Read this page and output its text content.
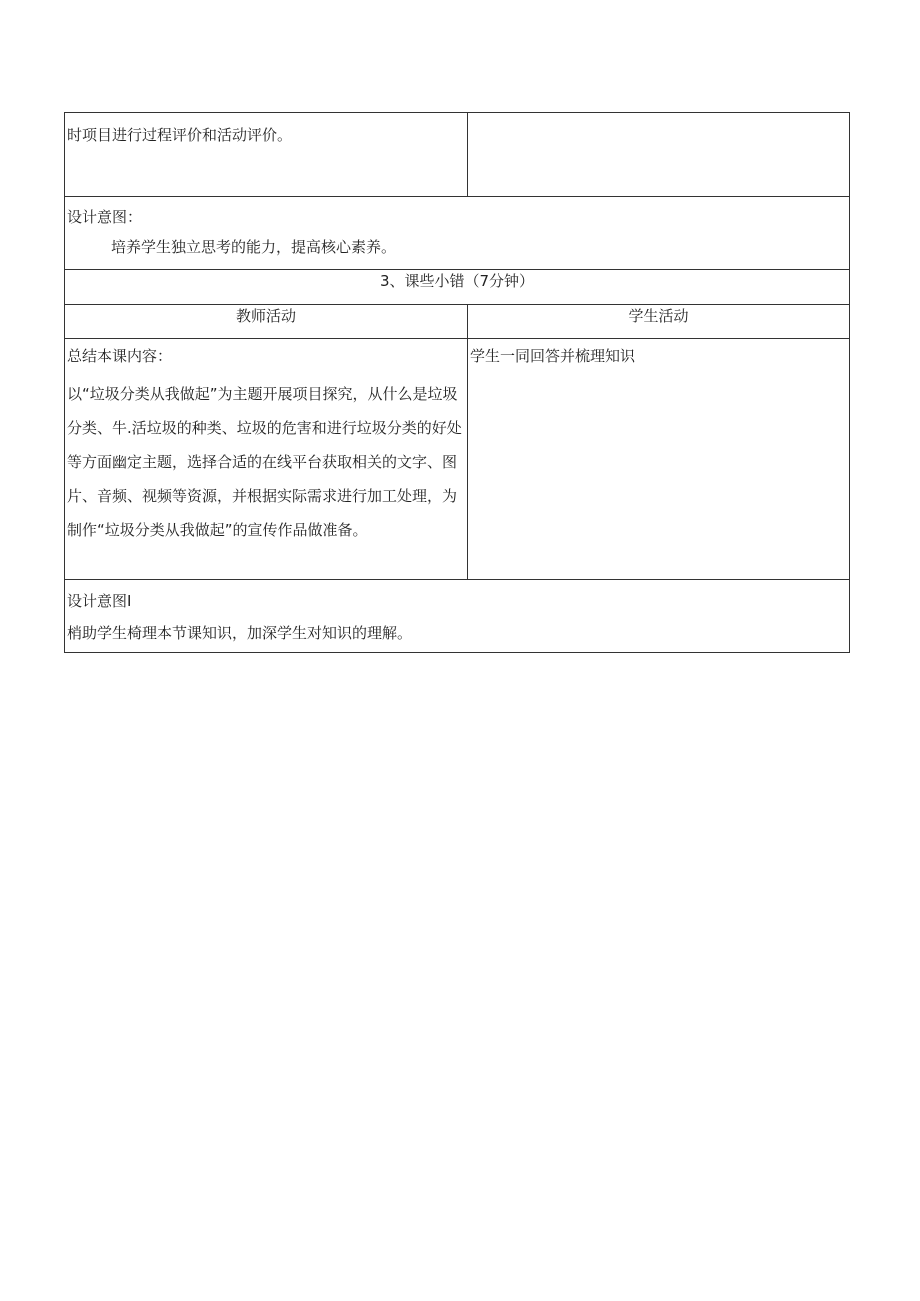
时项目进行过程评价和活动评价。	

设计意图：
培养学生独立思考的能力，提高核心素养。	

3、课些小错（7分钟）	
教师活动	学生活动

总结本课内容：

以“垃圾分类从我做起”为主题开展项目探究，从什么是垃圾分类、牛.活垃圾的种类、垃圾的危害和进行垃圾分类的好处等方面幽定主题，选择合适的在线平台获取相关的文字、图片、音频、视频等资源，并根据实际需求进行加工处理，为制作“垃圾分类从我做起”的宣传作品做准备。	学生一同回答并梳理知识

设计意图I
梢助学生椅理本节课知识，加深学生对知识的理解。	
